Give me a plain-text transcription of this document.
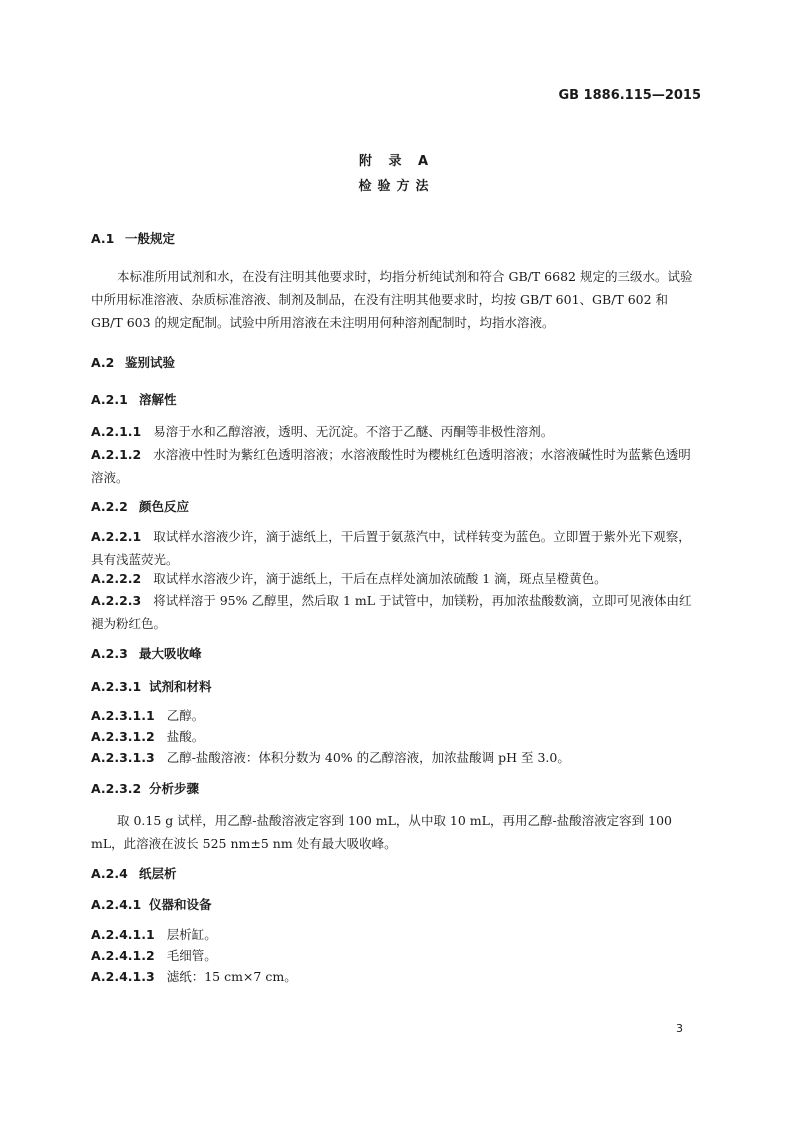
GB 1886.115—2015
附 录 A
检验方法
A.1 一般规定
本标准所用试剂和水，在没有注明其他要求时，均指分析纯试剂和符合 GB/T 6682 规定的三级水。试验中所用标准溶液、杂质标准溶液、制剂及制品，在没有注明其他要求时，均按 GB/T 601、GB/T 602 和 GB/T 603 的规定配制。试验中所用溶液在未注明用何种溶剂配制时，均指水溶液。
A.2 鉴别试验
A.2.1 溶解性
A.2.1.1 易溶于水和乙醇溶液，透明、无沉淀。不溶于乙醚、丙酮等非极性溶剂。
A.2.1.2 水溶液中性时为紫红色透明溶液；水溶液酸性时为樱桃红色透明溶液；水溶液碱性时为蓝紫色透明溶液。
A.2.2 颜色反应
A.2.2.1 取试样水溶液少许，滴于滤纸上，干后置于氨蒸汽中，试样转变为蓝色。立即置于紫外光下观察，具有浅蓝荧光。
A.2.2.2 取试样水溶液少许，滴于滤纸上，干后在点样处滴加浓硫酸 1 滴，斑点呈橙黄色。
A.2.2.3 将试样溶于 95% 乙醇里，然后取 1 mL 于试管中，加镁粉，再加浓盐酸数滴，立即可见液体由红褪为粉红色。
A.2.3 最大吸收峰
A.2.3.1 试剂和材料
A.2.3.1.1 乙醇。
A.2.3.1.2 盐酸。
A.2.3.1.3 乙醇-盐酸溶液：体积分数为 40% 的乙醇溶液，加浓盐酸调 pH 至 3.0。
A.2.3.2 分析步骤
取 0.15 g 试样，用乙醇-盐酸溶液定容到 100 mL，从中取 10 mL，再用乙醇-盐酸溶液定容到 100 mL，此溶液在波长 525 nm±5 nm 处有最大吸收峰。
A.2.4 纸层析
A.2.4.1 仪器和设备
A.2.4.1.1 层析缸。
A.2.4.1.2 毛细管。
A.2.4.1.3 滤纸：15 cm×7 cm。
3
